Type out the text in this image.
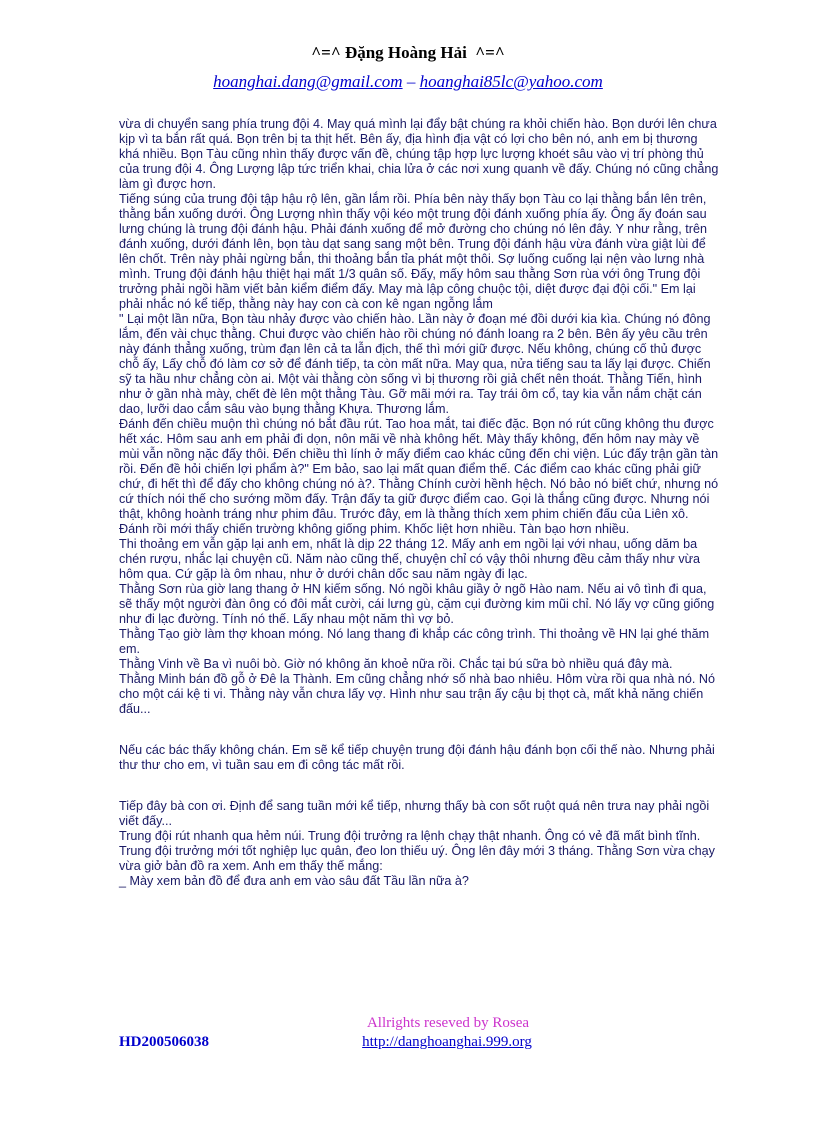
^=^ Đặng Hoàng Hải  ^=^
hoanghai.dang@gmail.com – hoanghai85lc@yahoo.com

vừa di chuyển sang phía trung đội 4. May quá mình lại đẩy bật chúng ra khỏi chiến hào. Bọn dưới lên chưa kịp vì ta bắn rất quá. Bọn trên bị ta thịt hết. Bên ấy, địa hình địa vật có lợi cho bên nó, anh em bị thương khá nhiều. Bọn Tàu cũng nhìn thấy được vấn đề, chúng tập hợp lực lượng khoét sâu vào vị trí phòng thủ của trung đội 4. Ông Lượng lập tức triển khai, chia lửa ở các nơi xung quanh về đấy. Chúng nó cũng chẳng làm gì được hơn.

Tiếng súng của trung đội tập hậu rộ lên, gần lắm rồi. Phía bên này thấy bọn Tàu co lại thằng bắn lên trên, thằng bắn xuống dưới. Ông Lượng nhìn thấy vội kéo một trung đội đánh xuống phía ấy. Ông ấy đoán sau lưng chúng là trung đội đánh hậu. Phải đánh xuống để mở đường cho chúng nó lên đây. Y như rằng, trên đánh xuống, dưới đánh lên, bọn tàu dạt sang sang một bên. Trung đội đánh hậu vừa đánh vừa giật lùi để lên chốt. Trên này phải ngừng bắn, thi thoảng bắn tỉa phát một thôi. Sợ luống cuống lại nện vào lưng nhà mình. Trung đội đánh hậu thiệt hại mất 1/3 quân số. Đấy, mấy hôm sau thằng Sơn rùa với ông Trung đội trưởng phải ngồi hầm viết bản kiểm điểm đấy. May mà lập công chuộc tội, diệt được đại đội cối." Em lại phải nhắc nó kể tiếp, thằng này hay con cà con kê ngan ngỗng lắm

" Lại một lần nữa, Bọn tàu nhảy được vào chiến hào. Lần này ở đoạn mé đồi dưới kia kìa. Chúng nó đông lắm, đến vài chục thằng. Chui được vào chiến hào rồi chúng nó đánh loang ra 2 bên. Bên ấy yêu cầu trên này đánh thẳng xuống, trùm đạn lên cả ta lẫn địch, thế thì mới giữ được. Nếu không, chúng cố thủ được chỗ ấy, Lấy chỗ đó làm cơ sở để đánh tiếp, ta còn mất nữa. May qua, nửa tiếng sau ta lấy lại được. Chiến sỹ ta hầu như chẳng còn ai. Một vài thằng còn sống vì bị thương rồi giả chết nên thoát. Thằng Tiến, hình như ở gần nhà mày, chết đè lên một thằng Tàu. Gỡ mãi mới ra. Tay trái ôm cổ, tay kia vẫn nắm chặt cán dao, lưỡi dao cắm sâu vào bụng thằng Khựa. Thương lắm.

Đánh đến chiều muộn thì chúng nó bắt đầu rút. Tao hoa mắt, tai điếc đặc. Bọn nó rút cũng không thu được hết xác. Hôm sau anh em phải đi dọn, nôn mãi về nhà không hết. Mày thấy không, đến hôm nay mày về mùi vẫn nồng nặc đấy thôi. Đến chiều thì lính ở mấy điểm cao khác cũng đến chi viện. Lúc đấy trận gần tàn rồi. Đến đề hỏi chiến lợi phẩm à?" Em bảo, sao lại mất quan điểm thế. Các điểm cao khác cũng phải giữ chứ, đi hết thì để đấy cho không chúng nó à?. Thằng Chính cười hềnh hệch. Nó bảo nó biết chứ, nhưng nó cứ thích nói thế cho sướng mồm đấy. Trận đấy ta giữ được điểm cao. Gọi là thắng cũng được. Nhưng nói thật, không hoành tráng như phim đâu. Trước đây, em là thằng thích xem phim chiến đấu của Liên xô. Đánh rồi mới thấy chiến trường không giống phim. Khốc liệt hơn nhiều. Tàn bạo hơn nhiều.

Thi thoảng em vẫn gặp lại anh em, nhất là dịp 22 tháng 12. Mấy anh em ngồi lại với nhau, uống dăm ba chén rượu, nhắc lại chuyện cũ. Năm nào cũng thế, chuyện chỉ có vậy thôi nhưng đều cảm thấy như vừa hôm qua. Cứ gặp là ôm nhau, như ở dưới chân dốc sau năm ngày đi lạc.

Thằng Sơn rùa giờ lang thang ở HN kiếm sống. Nó ngồi khâu giầy ở ngõ Hào nam. Nếu ai vô tình đi qua, sẽ thấy một người đàn ông có đôi mắt cười, cái lưng gù, cặm cụi đường kim mũi chỉ. Nó lấy vợ cũng giống như đi lạc đường. Tính nó thế. Lấy nhau một năm thì vợ bỏ.

Thằng Tạo giờ làm thợ khoan móng. Nó lang thang đi khắp các công trình. Thi thoảng về HN lại ghé thăm em.

Thằng Vinh về Ba vì nuôi bò. Giờ nó không ăn khoẻ nữa rồi. Chắc tại bú sữa bò nhiều quá đây mà.

Thằng Minh bán đồ gỗ ở Đê la Thành. Em cũng chẳng nhớ số nhà bao nhiêu. Hôm vừa rồi qua nhà nó. Nó cho một cái kệ ti vi. Thằng này vẫn chưa lấy vợ. Hình như sau trận ấy cậu bị thọt cà, mất khả năng chiến đấu...

Nếu các bác thấy không chán. Em sẽ kể tiếp chuyện trung đội đánh hậu đánh bọn cối thế nào. Nhưng phải thư thư cho em, vì tuần sau em đi công tác mất rồi.

Tiếp đây bà con ơi. Định để sang tuần mới kể tiếp, nhưng thấy bà con sốt ruột quá nên trưa nay phải ngồi viết đấy...

Trung đội rút nhanh qua hẻm núi. Trung đội trưởng ra lệnh chạy thật nhanh. Ông có vẻ đã mất bình tĩnh. Trung đội trưởng mới tốt nghiệp lục quân, đeo lon thiếu uý. Ông lên đây mới 3 tháng. Thằng Sơn vừa chạy vừa giở bản đồ ra xem. Anh em thấy thế mắng:

_ Mày xem bản đồ để đưa anh em vào sâu đất Tầu lần nữa à?

Allrights reseved by Rosea
http://danghoanghai.999.org
HD200506038
